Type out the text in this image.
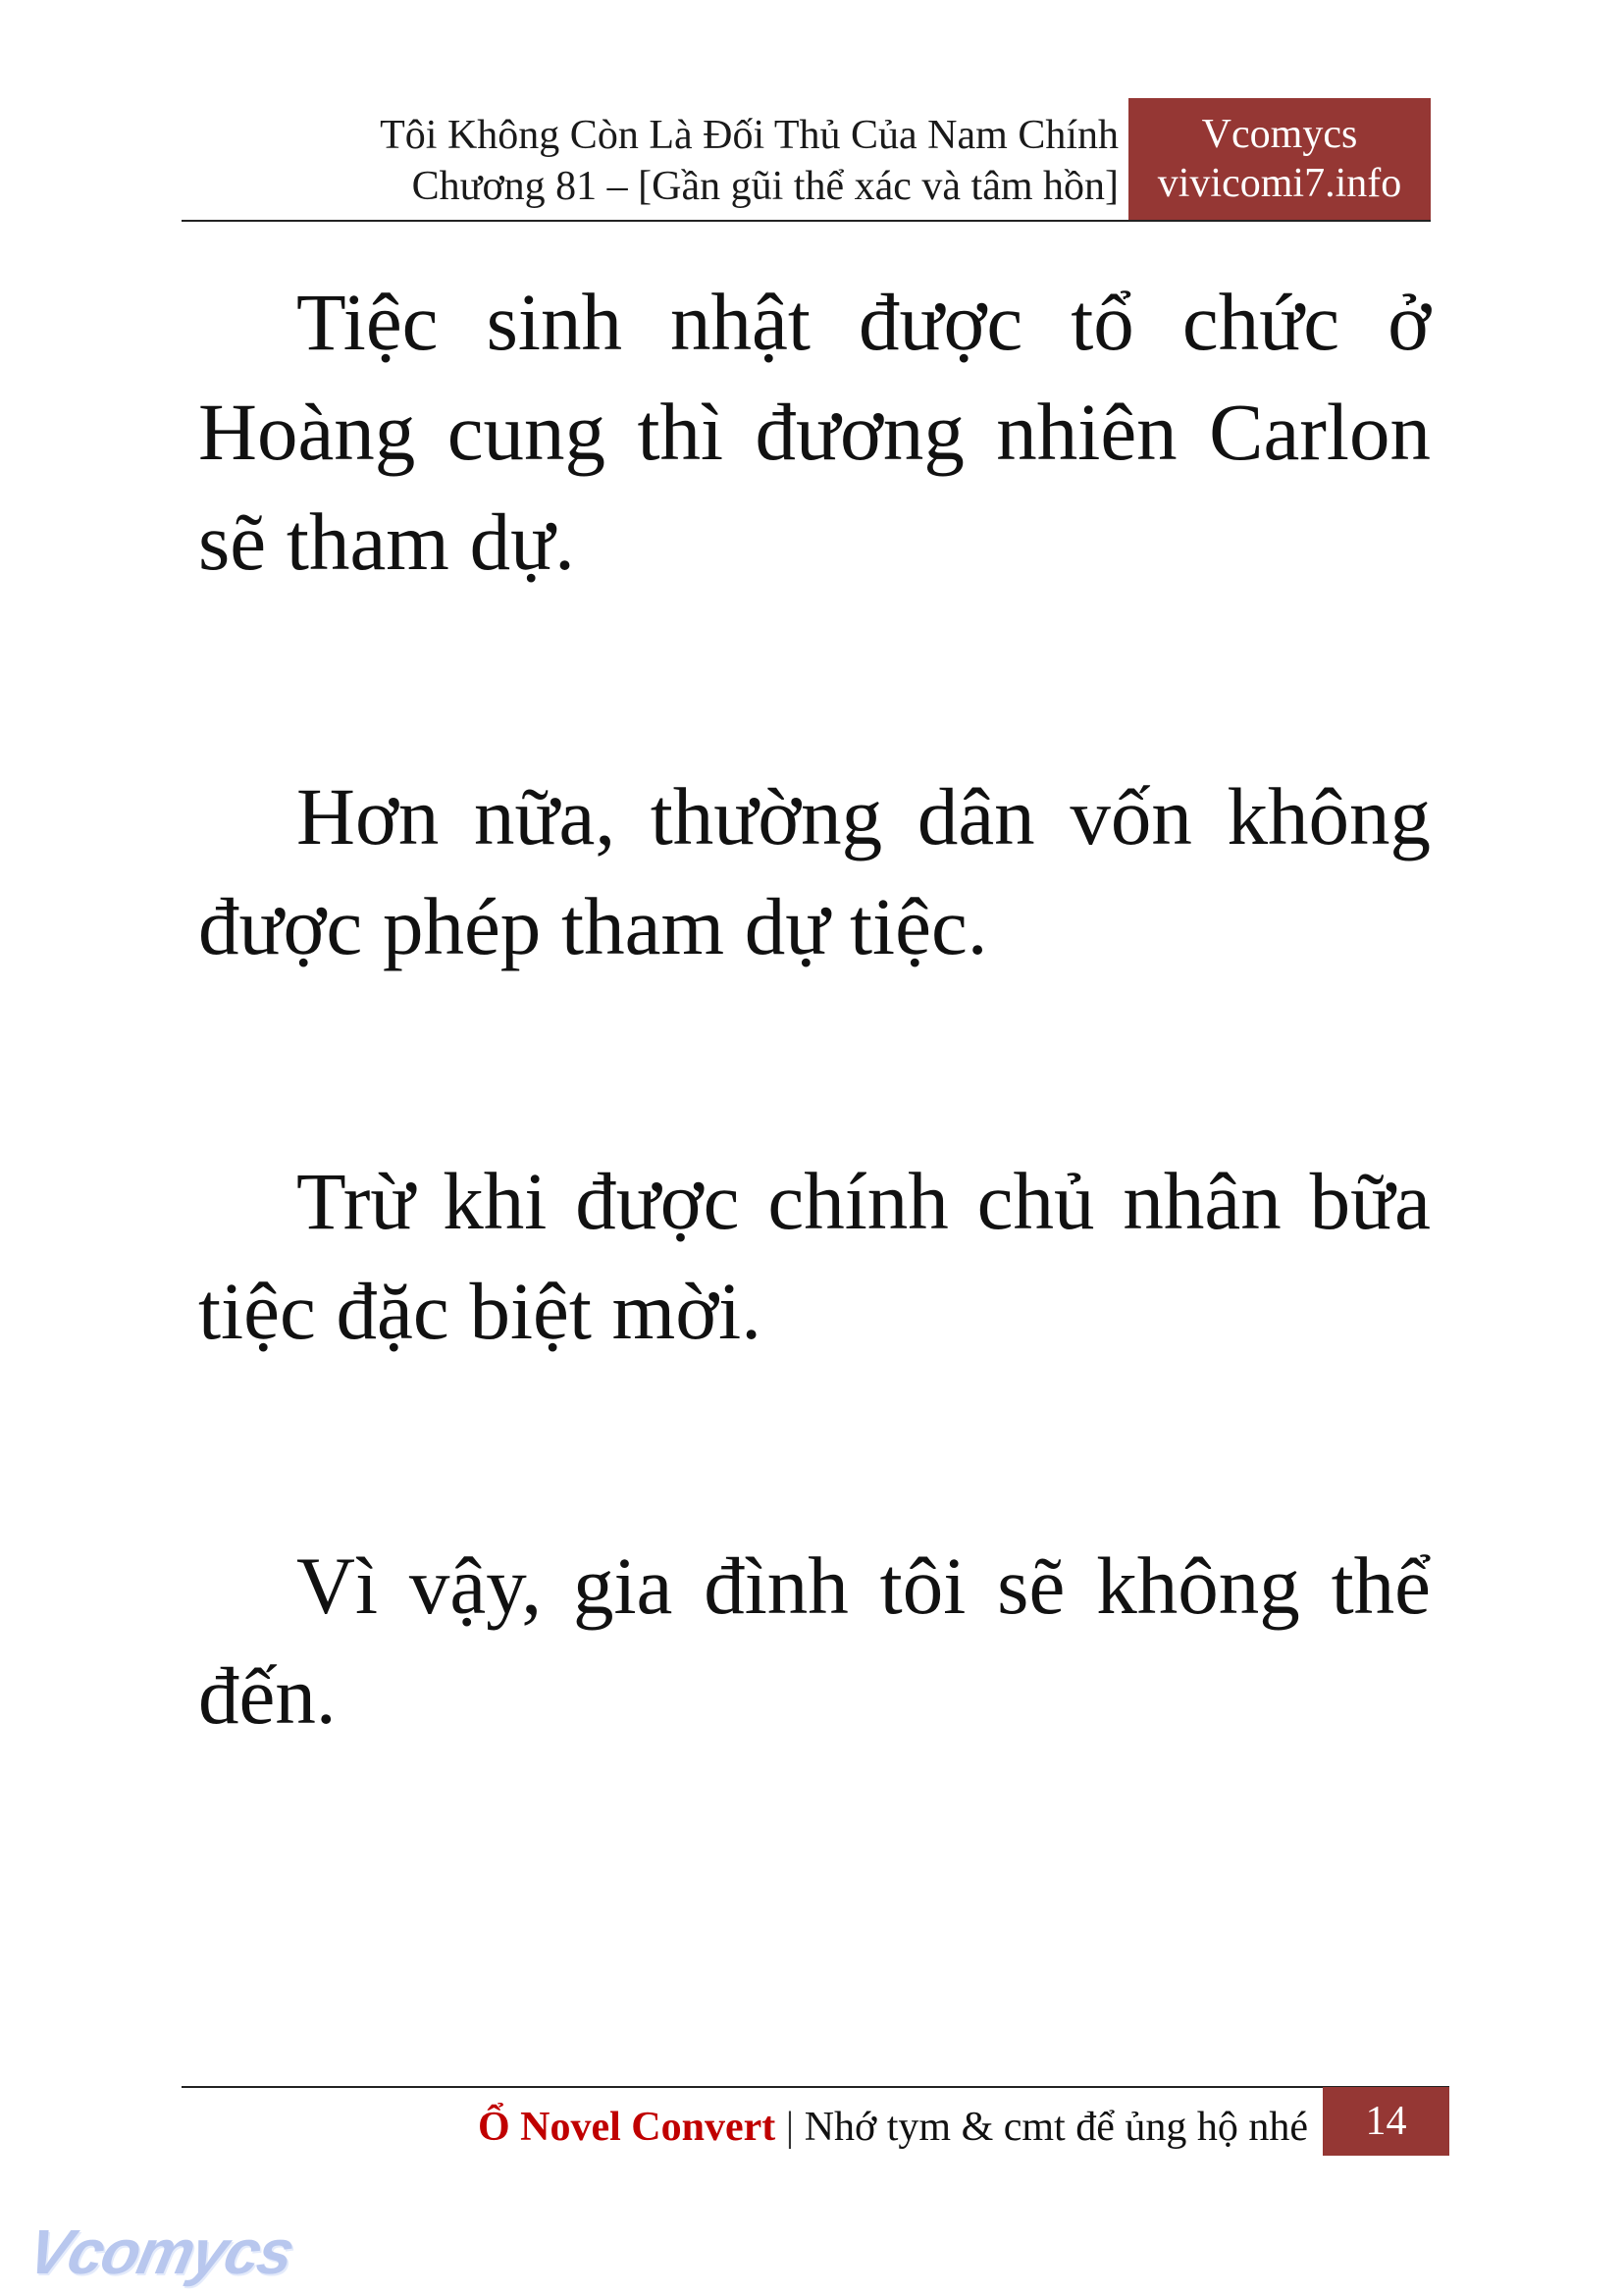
Tôi Không Còn Là Đối Thủ Của Nam Chính
Chương 81 – [Gần gũi thể xác và tâm hồn]
Vcomycs
vivicomi7.info

Tiệc sinh nhật được tổ chức ở Hoàng cung thì đương nhiên Carlon sẽ tham dự.

Hơn nữa, thường dân vốn không được phép tham dự tiệc.

Trừ khi được chính chủ nhân bữa tiệc đặc biệt mời.

Vì vậy, gia đình tôi sẽ không thể đến.

Ổ Novel Convert | Nhớ tym & cmt để ủng hộ nhé	14
Vcomycs
